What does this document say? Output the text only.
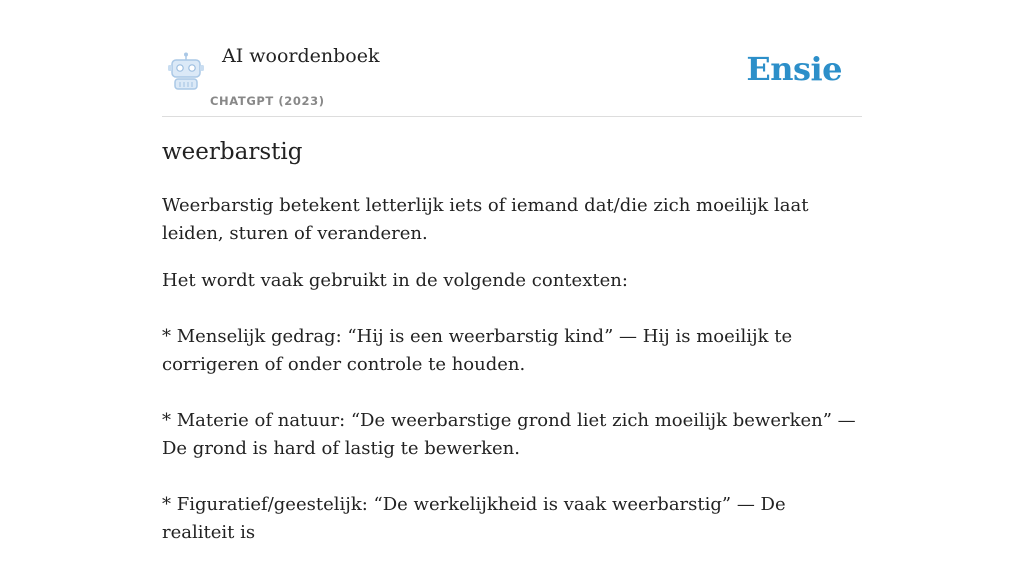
AI woordenboek
CHATGPT (2023)
Ensie
weerbarstig

Weerbarstig betekent letterlijk iets of iemand dat/die zich moeilijk laat leiden, sturen of veranderen.

Het wordt vaak gebruikt in de volgende contexten:

* Menselijk gedrag: “Hij is een weerbarstig kind” — Hij is moeilijk te corrigeren of onder controle te houden.

* Materie of natuur: “De weerbarstige grond liet zich moeilijk bewerken” — De grond is hard of lastig te bewerken.

* Figuratief/geestelijk: “De werkelijkheid is vaak weerbarstig” — De realiteit is
